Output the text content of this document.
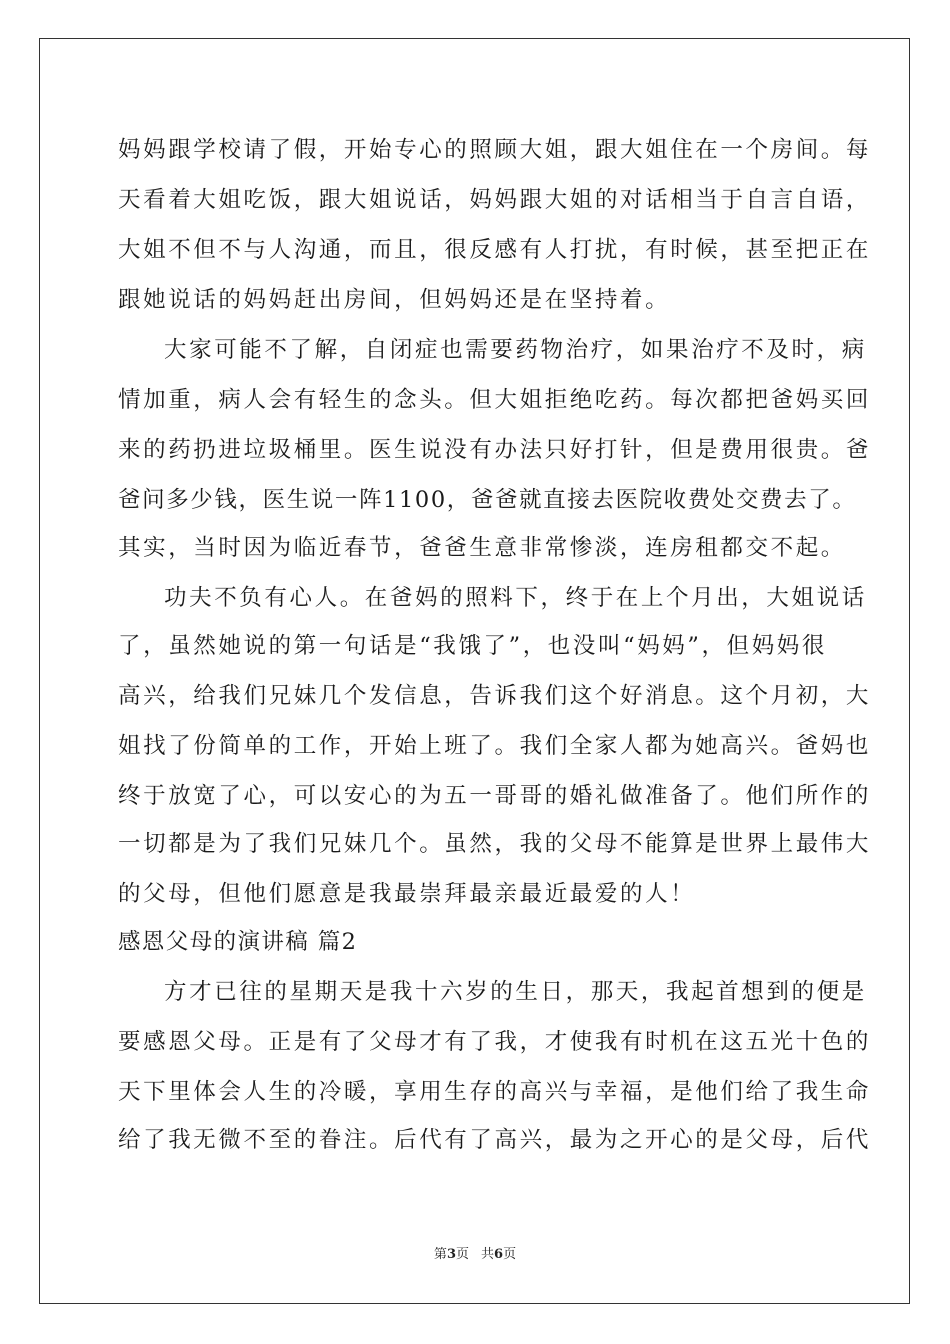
妈妈跟学校请了假，开始专心的照顾大姐，跟大姐住在一个房间。每
天看着大姐吃饭，跟大姐说话，妈妈跟大姐的对话相当于自言自语，
大姐不但不与人沟通，而且，很反感有人打扰，有时候，甚至把正在
跟她说话的妈妈赶出房间，但妈妈还是在坚持着。
大家可能不了解，自闭症也需要药物治疗，如果治疗不及时，病
情加重，病人会有轻生的念头。但大姐拒绝吃药。每次都把爸妈买回
来的药扔进垃圾桶里。医生说没有办法只好打针，但是费用很贵。爸
爸问多少钱，医生说一阵1100，爸爸就直接去医院收费处交费去了。
其实，当时因为临近春节，爸爸生意非常惨淡，连房租都交不起。
功夫不负有心人。在爸妈的照料下，终于在上个月出，大姐说话
了，虽然她说的第一句话是“我饿了”，也没叫“妈妈”，但妈妈很
高兴，给我们兄妹几个发信息，告诉我们这个好消息。这个月初，大
姐找了份简单的工作，开始上班了。我们全家人都为她高兴。爸妈也
终于放宽了心，可以安心的为五一哥哥的婚礼做准备了。他们所作的
一切都是为了我们兄妹几个。虽然，我的父母不能算是世界上最伟大
的父母，但他们愿意是我最崇拜最亲最近最爱的人！
感恩父母的演讲稿 篇2
方才已往的星期天是我十六岁的生日，那天，我起首想到的便是
要感恩父母。正是有了父母才有了我，才使我有时机在这五光十色的
天下里体会人生的冷暖，享用生存的高兴与幸福，是他们给了我生命
给了我无微不至的眷注。后代有了高兴，最为之开心的是父母，后代
第3页 共6页
